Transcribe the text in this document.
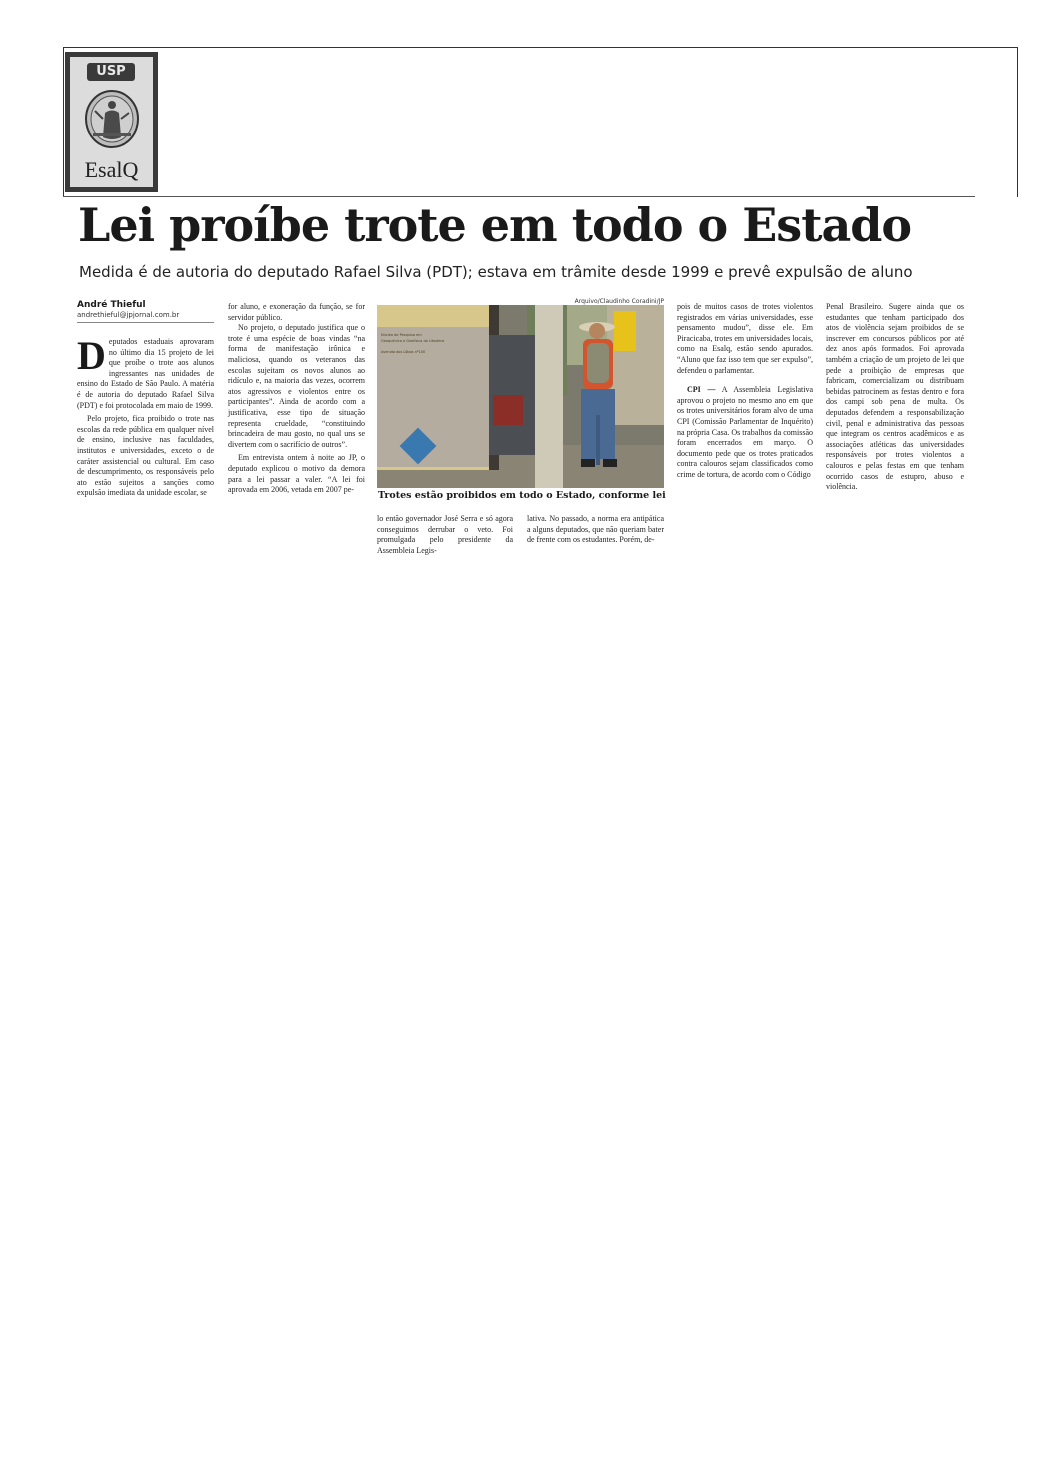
USP
EsalQ
Lei proíbe trote em todo o Estado

Medida é de autoria do deputado Rafael Silva (PDT); estava em trâmite desde 1999 e prevê expulsão de aluno

André Thieful
andrethieful@jpjornal.com.br

Deputados estaduais aprovaram no último dia 15 projeto de lei que proíbe o trote aos alunos ingressantes nas unidades de ensino do Estado de São Paulo. A matéria é de autoria do deputado Rafael Silva (PDT) e foi protocolada em maio de 1999.

Pelo projeto, fica proibido o trote nas escolas da rede pública em qualquer nível de ensino, inclusive nas faculdades, institutos e universidades, exceto o de caráter assistencial ou cultural. Em caso de descumprimento, os responsáveis pelo ato estão sujeitos a sanções como expulsão imediata da unidade escolar, se

for aluno, e exoneração da função, se for servidor público.

No projeto, o deputado justifica que o trote é uma espécie de boas vindas “na forma de manifestação irônica e maliciosa, quando os veteranos das escolas sujeitam os novos alunos ao ridículo e, na maioria das vezes, ocorrem atos agressivos e violentos entre os participantes”. Ainda de acordo com a justificativa, esse tipo de situação representa crueldade, “constituindo brincadeira de mau gosto, no qual uns se divertem com o sacrifício de outros”.

Em entrevista ontem à noite ao JP, o deputado explicou o motivo da demora para a lei passar a valer. “A lei foi aprovada em 2006, vetada em 2007 pe-

Arquivo/Claudinho Coradini/JP
Núcleo de Pesquisa em
Geoquímica e Geofísica da Litosfera
Avenida dos Lôbos nº100
Trotes estão proibidos em todo o Estado, conforme lei

lo então governador José Serra e só agora conseguimos derrubar o veto. Foi promulgada pelo presidente da Assembleia Legis-

lativa. No passado, a norma era antipática a alguns deputados, que não queriam bater de frente com os estudantes. Porém, de-

pois de muitos casos de trotes violentos registrados em várias universidades, esse pensamento mudou”, disse ele. Em Piracicaba, trotes em universidades locais, como na Esalq, estão sendo apurados. “Aluno que faz isso tem que ser expulso”, defendeu o parlamentar.

CPI — A Assembleia Legislativa aprovou o projeto no mesmo ano em que os trotes universitários foram alvo de uma CPI (Comissão Parlamentar de Inquérito) na própria Casa. Os trabalhos da comissão foram encerrados em março. O documento pede que os trotes praticados contra calouros sejam classificados como crime de tortura, de acordo com o Código

Penal Brasileiro. Sugere ainda que os estudantes que tenham participado dos atos de violência sejam proibidos de se inscrever em concursos públicos por até dez anos após formados. Foi aprovada também a criação de um projeto de lei que pede a proibição de empresas que fabricam, comercializam ou distribuam bebidas patrocinem as festas dentro e fora dos campi sob pena de multa. Os deputados defendem a responsabilização civil, penal e administrativa das pessoas que integram os centros acadêmicos e as associações atléticas das universidades responsáveis por trotes violentos a calouros e pelas festas em que tenham ocorrido casos de estupro, abuso e violência.
